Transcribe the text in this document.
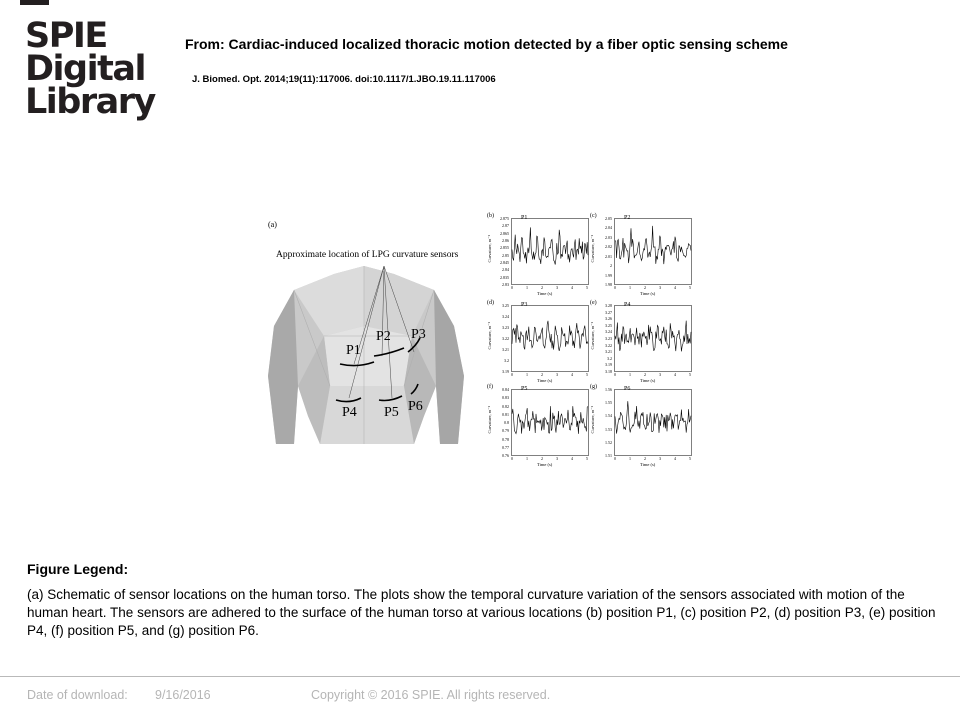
SPIE
Digital
Library
From: Cardiac-induced localized thoracic motion detected by a fiber optic sensing scheme
J. Biomed. Opt. 2014;19(11):117006. doi:10.1117/1.JBO.19.11.117006
(a)
Approximate location of LPG curvature sensors
P1
P2 P3
P4 P5 P6
(b)	P1
Curvature, m⁻¹
2.875
2.87
2.865
2.86
2.855
2.85
2.845
2.84
2.835
2.83
0	1	2	3	4	5
Time (s)
(c)	P2
Curvature, m⁻¹
2.05
2.04
2.03
2.02
2.01
2
1.99
1.98
0	1	2	3	4	5
Time (s)
(d)	P3
Curvature, m⁻¹
3.25
3.24
3.23
3.22
3.21
3.2
3.19
0	1	2	3	4	5
Time (s)
(e)	P4
Curvature, m⁻¹
3.28
3.27
3.26
3.25
3.24
3.23
3.22
3.21
3.2
3.19
3.18
0	1	2	3	4	5
Time (s)
(f)	P5
Curvature, m⁻¹
0.84
0.83
0.82
0.81
0.8
0.79
0.78
0.77
0.76
0	1	2	3	4	5
Time (s)
(g)	P6
Curvature, m⁻¹
1.56
1.55
1.54
1.53
1.52
1.51
0	1	2	3	4	5
Time (s)
Figure Legend:
(a) Schematic of sensor locations on the human torso. The plots show the temporal curvature variation of the sensors associated with motion of the human heart. The sensors are adhered to the surface of the human torso at various locations (b) position P1, (c) position P2, (d) position P3, (e) position P4, (f) position P5, and (g) position P6.
Date of download: 9/16/2016	Copyright © 2016 SPIE. All rights reserved.
